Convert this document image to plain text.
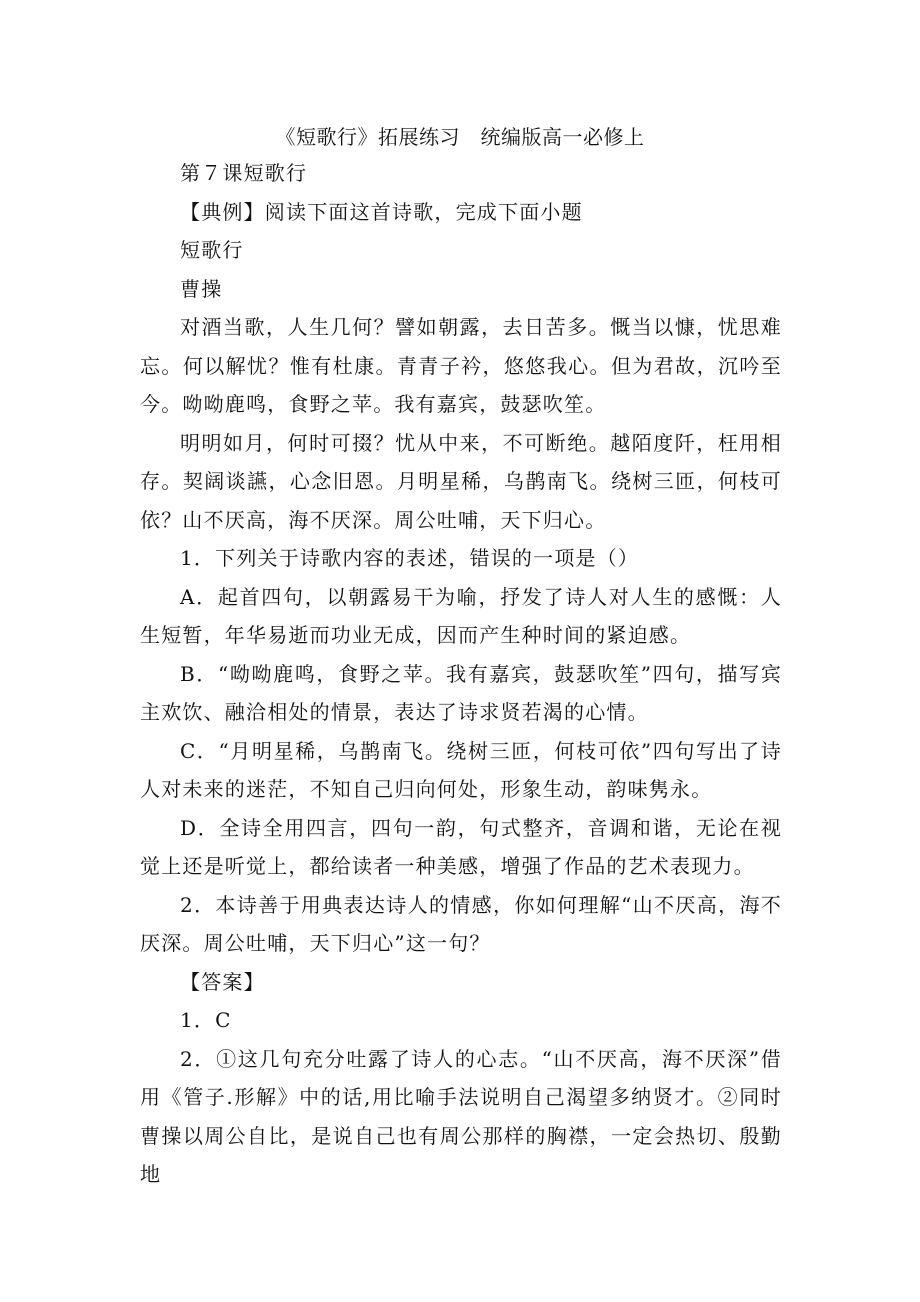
《短歌行》拓展练习　统编版高一必修上

第７课短歌行

【典例】阅读下面这首诗歌，完成下面小题

短歌行

曹操

对酒当歌，人生几何？譬如朝露，去日苦多。慨当以慷，忧思难忘。何以解忧？惟有杜康。青青子衿，悠悠我心。但为君故，沉吟至今。呦呦鹿鸣，食野之苹。我有嘉宾，鼓瑟吹笙。

明明如月，何时可掇？忧从中来，不可断绝。越陌度阡，枉用相存。契阔谈讌，心念旧恩。月明星稀，乌鹊南飞。绕树三匝，何枝可依？山不厌高，海不厌深。周公吐哺，天下归心。

1．下列关于诗歌内容的表述，错误的一项是（）

A．起首四句，以朝露易干为喻，抒发了诗人对人生的感慨：人生短暂，年华易逝而功业无成，因而产生种时间的紧迫感。

B．“呦呦鹿鸣，食野之苹。我有嘉宾，鼓瑟吹笙”四句，描写宾主欢饮、融洽相处的情景，表达了诗求贤若渴的心情。

C．“月明星稀，乌鹊南飞。绕树三匝，何枝可依”四句写出了诗人对未来的迷茫，不知自己归向何处，形象生动，韵味隽永。

D．全诗全用四言，四句一韵，句式整齐，音调和谐，无论在视觉上还是听觉上，都给读者一种美感，增强了作品的艺术表现力。

2．本诗善于用典表达诗人的情感，你如何理解“山不厌高，海不厌深。周公吐哺，天下归心”这一句？

【答案】

1．C

2．①这几句充分吐露了诗人的心志。“山不厌高，海不厌深”借用《管子.形解》中的话,用比喻手法说明自己渴望多纳贤才。②同时曹操以周公自比，是说自己也有周公那样的胸襟，一定会热切、殷勤地
